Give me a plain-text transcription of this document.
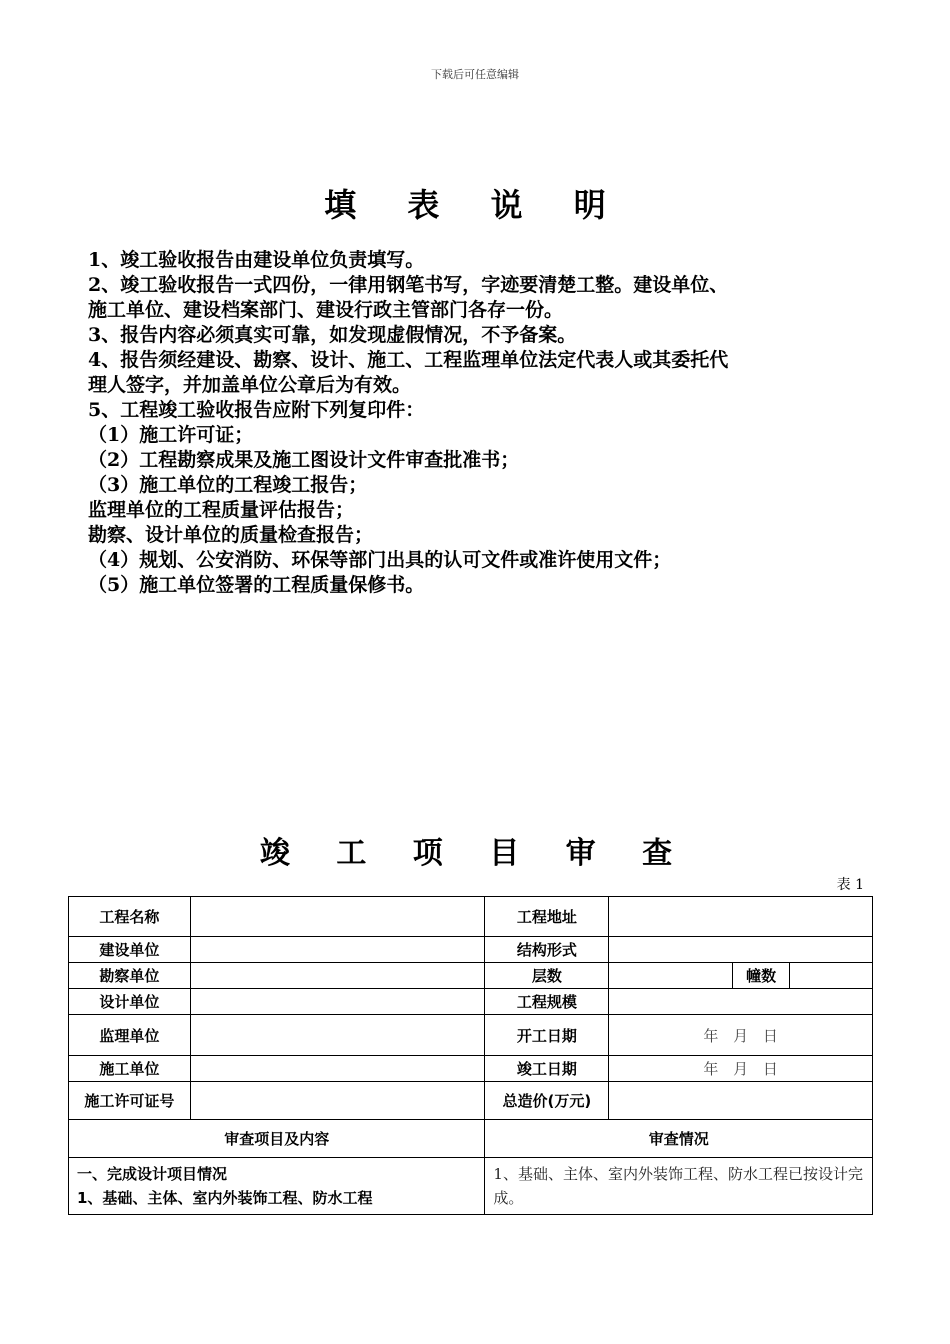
下载后可任意编辑
填 表 说 明
1、竣工验收报告由建设单位负责填写。
2、竣工验收报告一式四份，一律用钢笔书写，字迹要清楚工整。建设单位、
施工单位、建设档案部门、建设行政主管部门各存一份。
3、报告内容必须真实可靠，如发现虚假情况，不予备案。
4、报告须经建设、勘察、设计、施工、工程监理单位法定代表人或其委托代
理人签字，并加盖单位公章后为有效。
5、工程竣工验收报告应附下列复印件：
（1）施工许可证；
（2）工程勘察成果及施工图设计文件审查批准书；
（3）施工单位的工程竣工报告；
监理单位的工程质量评估报告；
勘察、设计单位的质量检查报告；
（4）规划、公安消防、环保等部门出具的认可文件或准许使用文件；
（5）施工单位签署的工程质量保修书。
竣 工 项 目 审 查
表 1
工程名称		工程地址			
建设单位		结构形式			
勘察单位		层数		幢数	
设计单位		工程规模			
监理单位		开工日期	年 月 日		
施工单位		竣工日期	年 月 日		
施工许可证号		总造价(万元)			
审查项目及内容		审查情况			

一、完成设计项目情况
1、基础、主体、室内外装饰工程、防水工程		1、基础、主体、室内外装饰工程、防水工程已按设计完成。			
